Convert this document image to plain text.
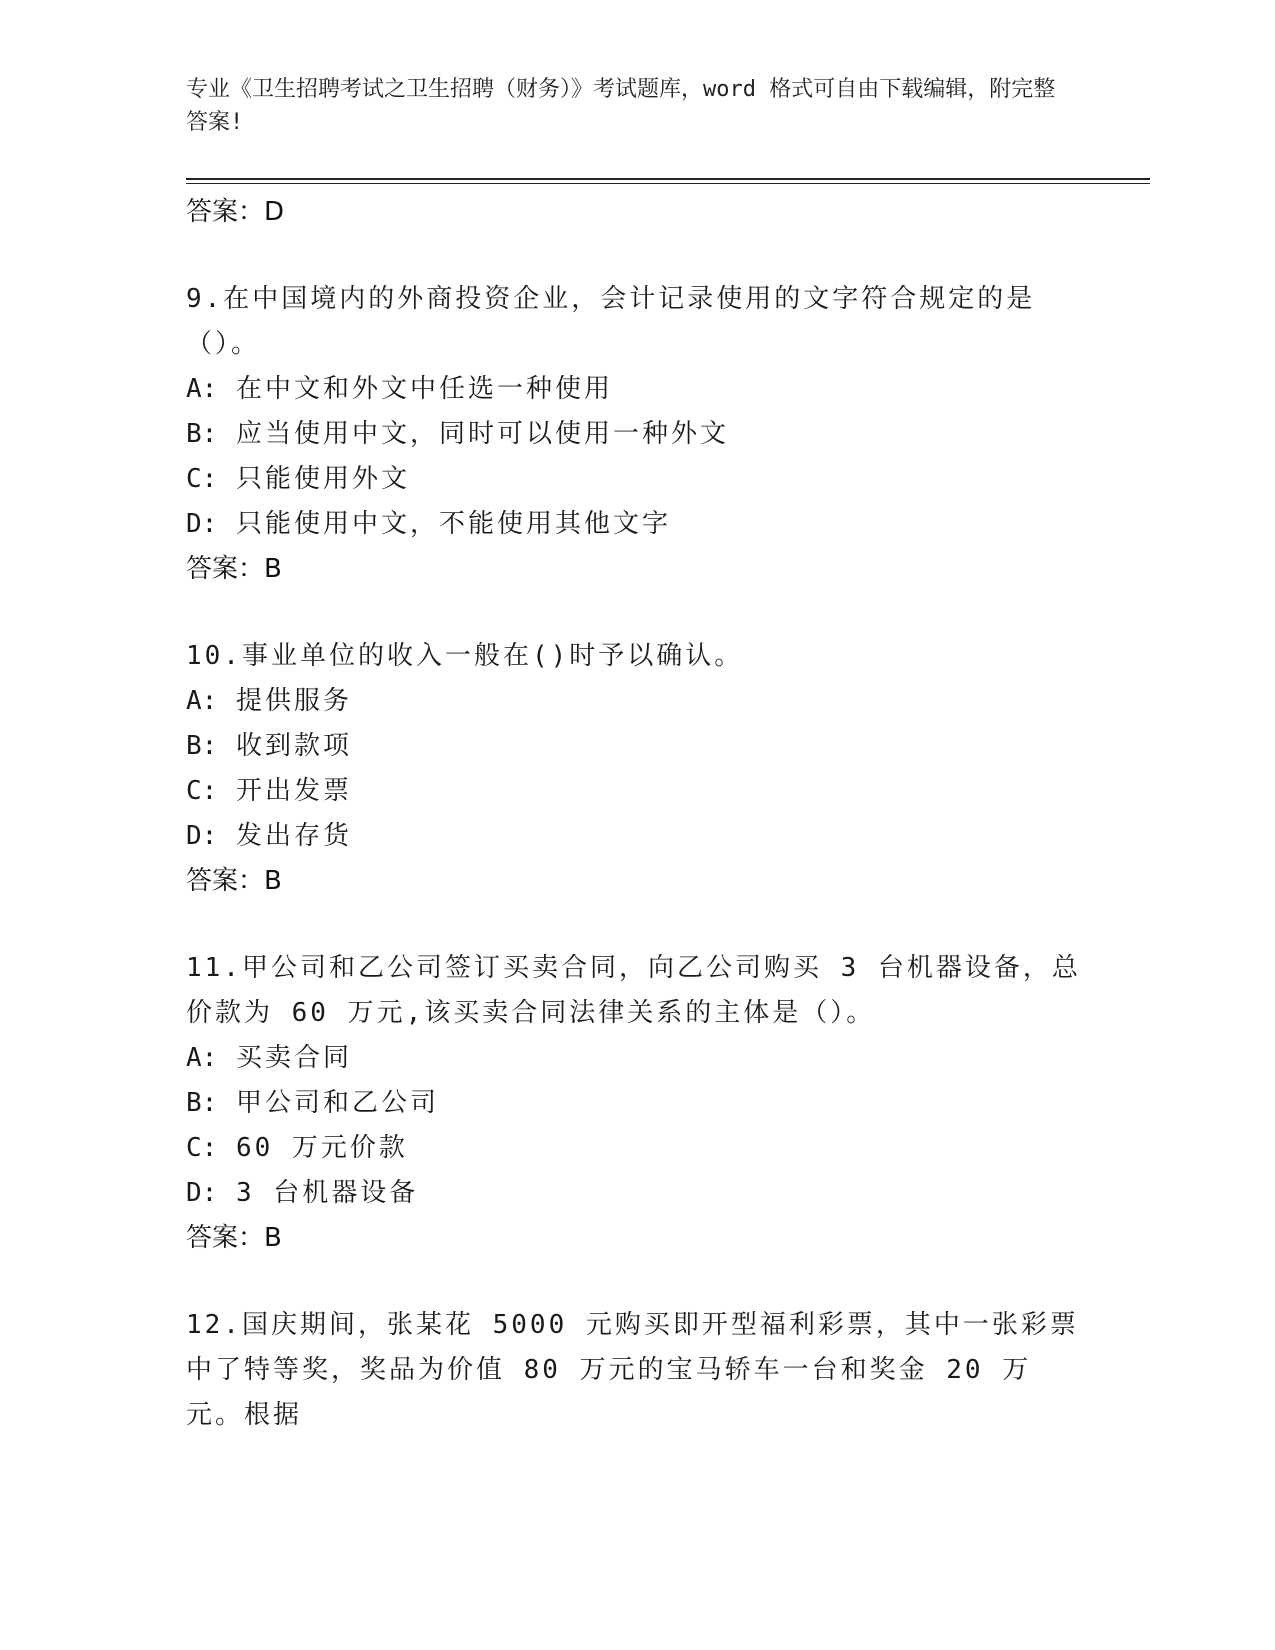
专业《卫生招聘考试之卫生招聘（财务）》考试题库，word 格式可自由下载编辑，附完整答案!
答案：D
9.在中国境内的外商投资企业，会计记录使用的文字符合规定的是（）。
A: 在中文和外文中任选一种使用
B: 应当使用中文，同时可以使用一种外文
C: 只能使用外文
D: 只能使用中文，不能使用其他文字
答案：B
10.事业单位的收入一般在()时予以确认。
A: 提供服务
B: 收到款项
C: 开出发票
D: 发出存货
答案：B
11.甲公司和乙公司签订买卖合同，向乙公司购买 3 台机器设备，总价款为 60 万元,该买卖合同法律关系的主体是（）。
A: 买卖合同
B: 甲公司和乙公司
C: 60 万元价款
D: 3 台机器设备
答案：B
12.国庆期间，张某花 5000 元购买即开型福利彩票，其中一张彩票中了特等奖，奖品为价值 80 万元的宝马轿车一台和奖金 20 万元。根据
